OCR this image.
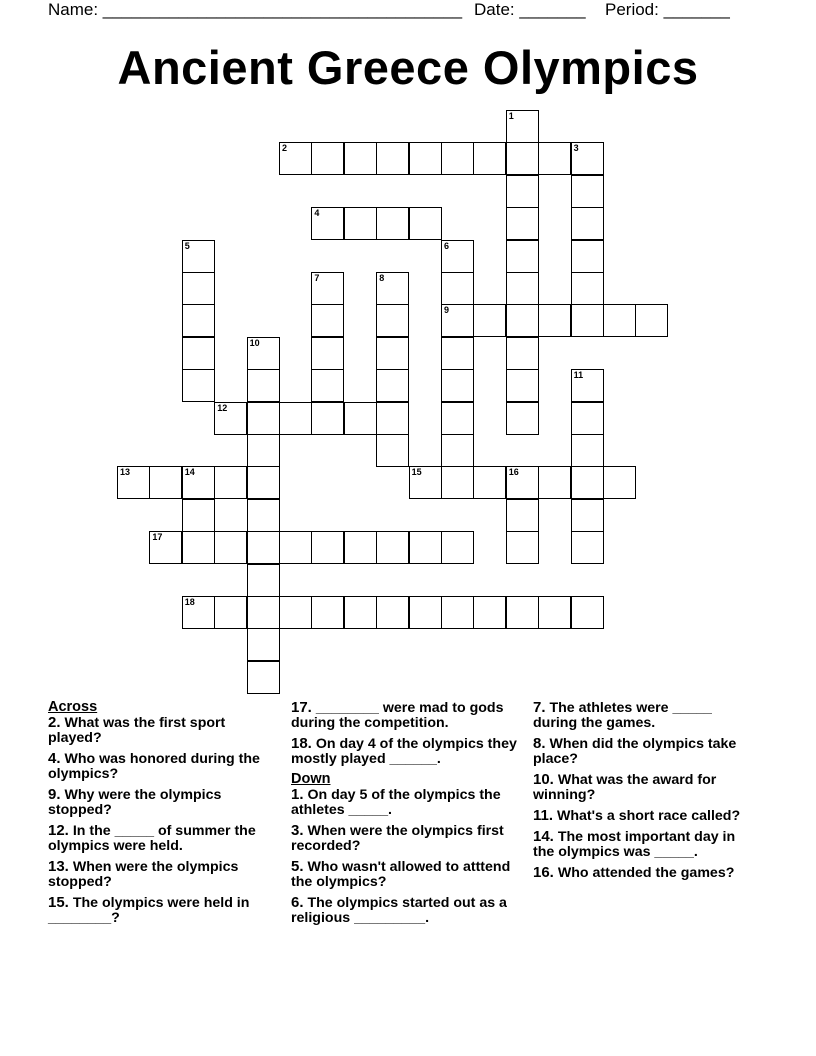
Name: ______________________________________

Date: _______

Period: _______

Ancient Greece Olympics
1
2	3
4
5	6
9
7	8
10
11
12
13	14	15	16
17
18
Across
2. What was the first sport played?
4. Who was honored during the olympics?
9. Why were the olympics stopped?
12. In the _____ of summer the olympics were held.
13. When were the olympics stopped?
15. The olympics were held in ________?
17. ________ were mad to gods during the competition.
18. On day 4 of the olympics they mostly played ______.
Down
1. On day 5 of the olympics the athletes _____.
3. When were the olympics first recorded?
5. Who wasn't allowed to atttend the olympics?
6. The olympics started out as a religious _________.
7. The athletes were _____ during the games.
8. When did the olympics take place?
10. What was the award for winning?
11. What's a short race called?
14. The most important day in the olympics was _____.
16. Who attended the games?
